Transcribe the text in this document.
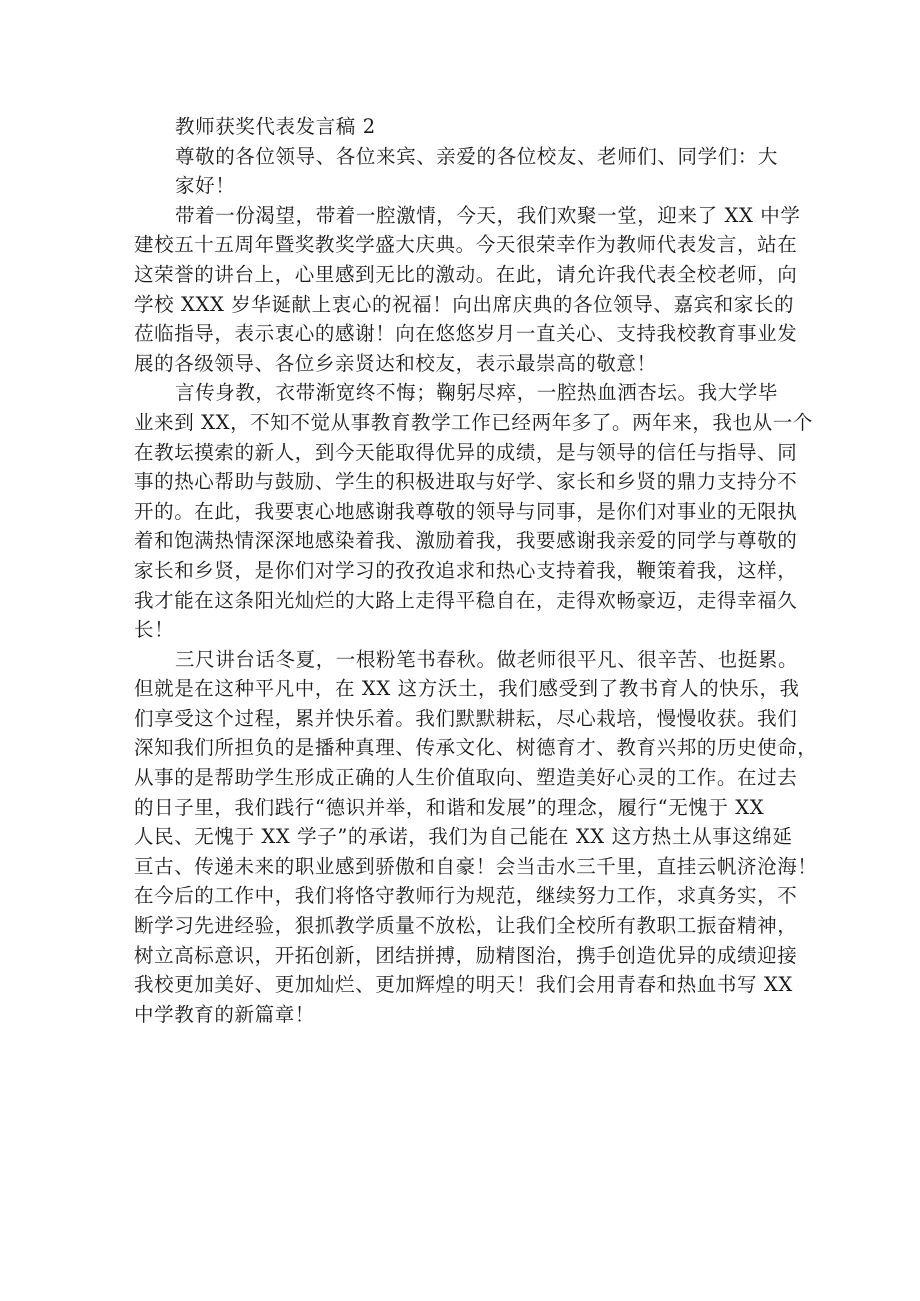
教师获奖代表发言稿 2
尊敬的各位领导、各位来宾、亲爱的各位校友、老师们、同学们：大
家好！
带着一份渴望，带着一腔激情，今天，我们欢聚一堂，迎来了 XX 中学
建校五十五周年暨奖教奖学盛大庆典。今天很荣幸作为教师代表发言，站在
这荣誉的讲台上，心里感到无比的激动。在此，请允许我代表全校老师，向
学校 XXX 岁华诞献上衷心的祝福！向出席庆典的各位领导、嘉宾和家长的
莅临指导，表示衷心的感谢！向在悠悠岁月一直关心、支持我校教育事业发
展的各级领导、各位乡亲贤达和校友，表示最崇高的敬意！
言传身教，衣带渐宽终不悔；鞠躬尽瘁，一腔热血洒杏坛。我大学毕
业来到 XX，不知不觉从事教育教学工作已经两年多了。两年来，我也从一个
在教坛摸索的新人，到今天能取得优异的成绩，是与领导的信任与指导、同
事的热心帮助与鼓励、学生的积极进取与好学、家长和乡贤的鼎力支持分不
开的。在此，我要衷心地感谢我尊敬的领导与同事，是你们对事业的无限执
着和饱满热情深深地感染着我、激励着我，我要感谢我亲爱的同学与尊敬的
家长和乡贤，是你们对学习的孜孜追求和热心支持着我，鞭策着我，这样，
我才能在这条阳光灿烂的大路上走得平稳自在，走得欢畅豪迈，走得幸福久
长！
三尺讲台话冬夏，一根粉笔书春秋。做老师很平凡、很辛苦、也挺累。
但就是在这种平凡中，在 XX 这方沃土，我们感受到了教书育人的快乐，我
们享受这个过程，累并快乐着。我们默默耕耘，尽心栽培，慢慢收获。我们
深知我们所担负的是播种真理、传承文化、树德育才、教育兴邦的历史使命，
从事的是帮助学生形成正确的人生价值取向、塑造美好心灵的工作。在过去
的日子里，我们践行“德识并举，和谐和发展”的理念，履行“无愧于 XX
人民、无愧于 XX 学子”的承诺，我们为自己能在 XX 这方热土从事这绵延
亘古、传递未来的职业感到骄傲和自豪！会当击水三千里，直挂云帆济沧海！
在今后的工作中，我们将恪守教师行为规范，继续努力工作，求真务实，不
断学习先进经验，狠抓教学质量不放松，让我们全校所有教职工振奋精神，
树立高标意识，开拓创新，团结拼搏，励精图治，携手创造优异的成绩迎接
我校更加美好、更加灿烂、更加辉煌的明天！我们会用青春和热血书写 XX
中学教育的新篇章！
